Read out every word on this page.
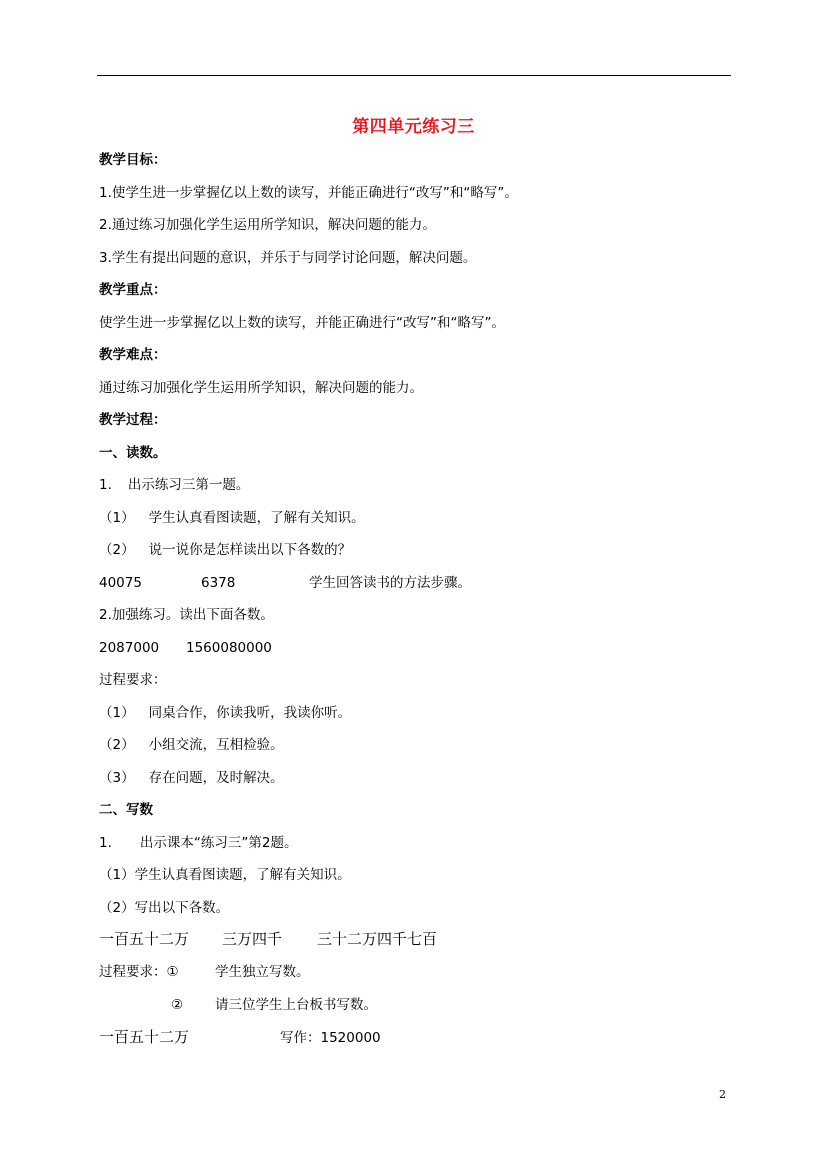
第四单元练习三
教学目标：
1.使学生进一步掌握亿以上数的读写，并能正确进行“改写”和“略写”。
2.通过练习加强化学生运用所学知识，解决问题的能力。
3.学生有提出问题的意识，并乐于与同学讨论问题，解决问题。
教学重点：
使学生进一步掌握亿以上数的读写，并能正确进行“改写”和“略写”。
教学难点：
通过练习加强化学生运用所学知识，解决问题的能力。
教学过程：
一、读数。
1. 出示练习三第一题。
（1） 学生认真看图读题，了解有关知识。
（2） 说一说你是怎样读出以下各数的？
40075	6378	学生回答读书的方法步骤。
2.加强练习。读出下面各数。
2087000 1560080000
过程要求：
（1） 同桌合作，你读我听，我读你听。
（2） 小组交流，互相检验。
（3） 存在问题，及时解决。
二、写数
1. 出示课本“练习三”第2题。
（1）学生认真看图读题，了解有关知识。
（2）写出以下各数。
一百五十二万 三万四千 三十二万四千七百
过程要求：①	学生独立写数。
② 请三位学生上台板书写数。
一百五十二万	写作：1520000
2
